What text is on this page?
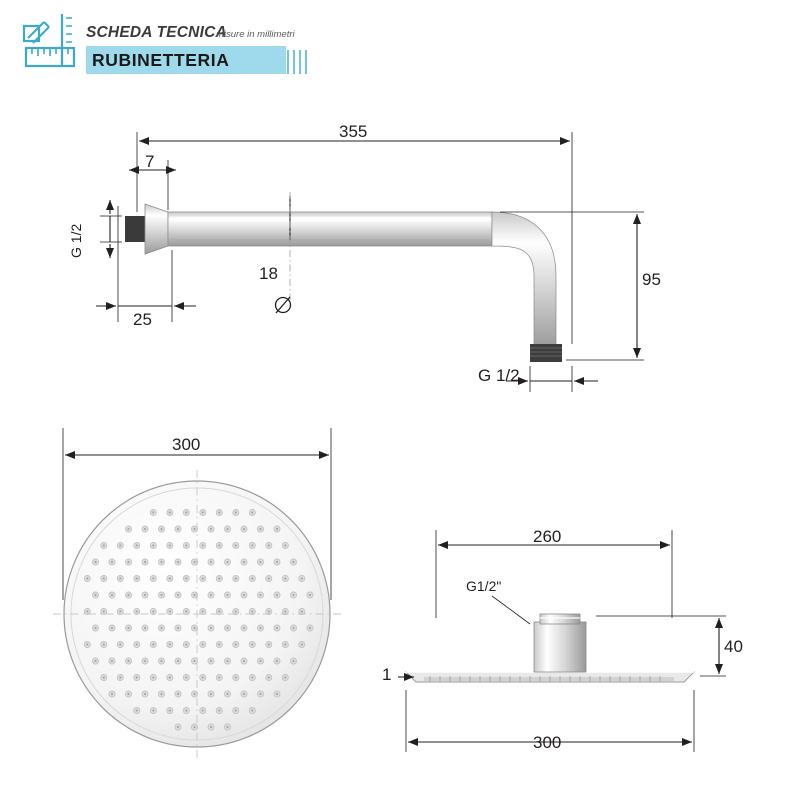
SCHEDA TECNICA
misure in millimetri
RUBINETTERIA
355
7
25
18	95
G 1/2
G 1/2
300
260
300
40
1
G1/2"
